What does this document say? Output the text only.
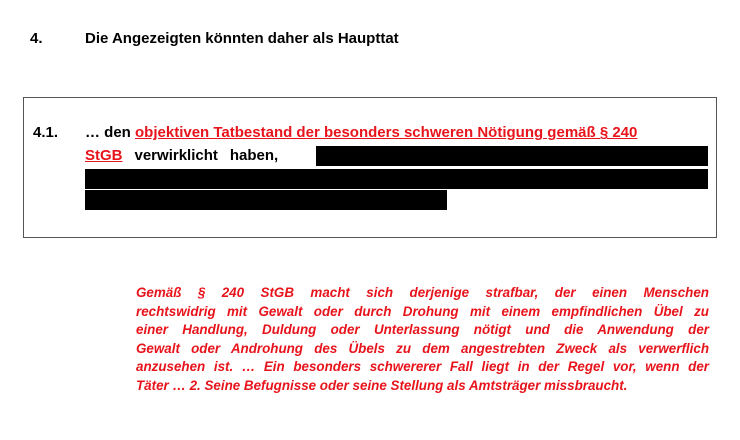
4.	Die Angezeigten könnten daher als Haupttat
4.1. … den objektiven Tatbestand der besonders schweren Nötigung gemäß § 240
StGB verwirklicht haben,
Gemäß § 240 StGB macht sich derjenige strafbar, der einen Menschen
rechtswidrig mit Gewalt oder durch Drohung mit einem empfindlichen Übel zu
einer Handlung, Duldung oder Unterlassung nötigt und die Anwendung der
Gewalt oder Androhung des Übels zu dem angestrebten Zweck als verwerflich
anzusehen ist. … Ein besonders schwererer Fall liegt in der Regel vor, wenn der
Täter … 2. Seine Befugnisse oder seine Stellung als Amtsträger missbraucht.
